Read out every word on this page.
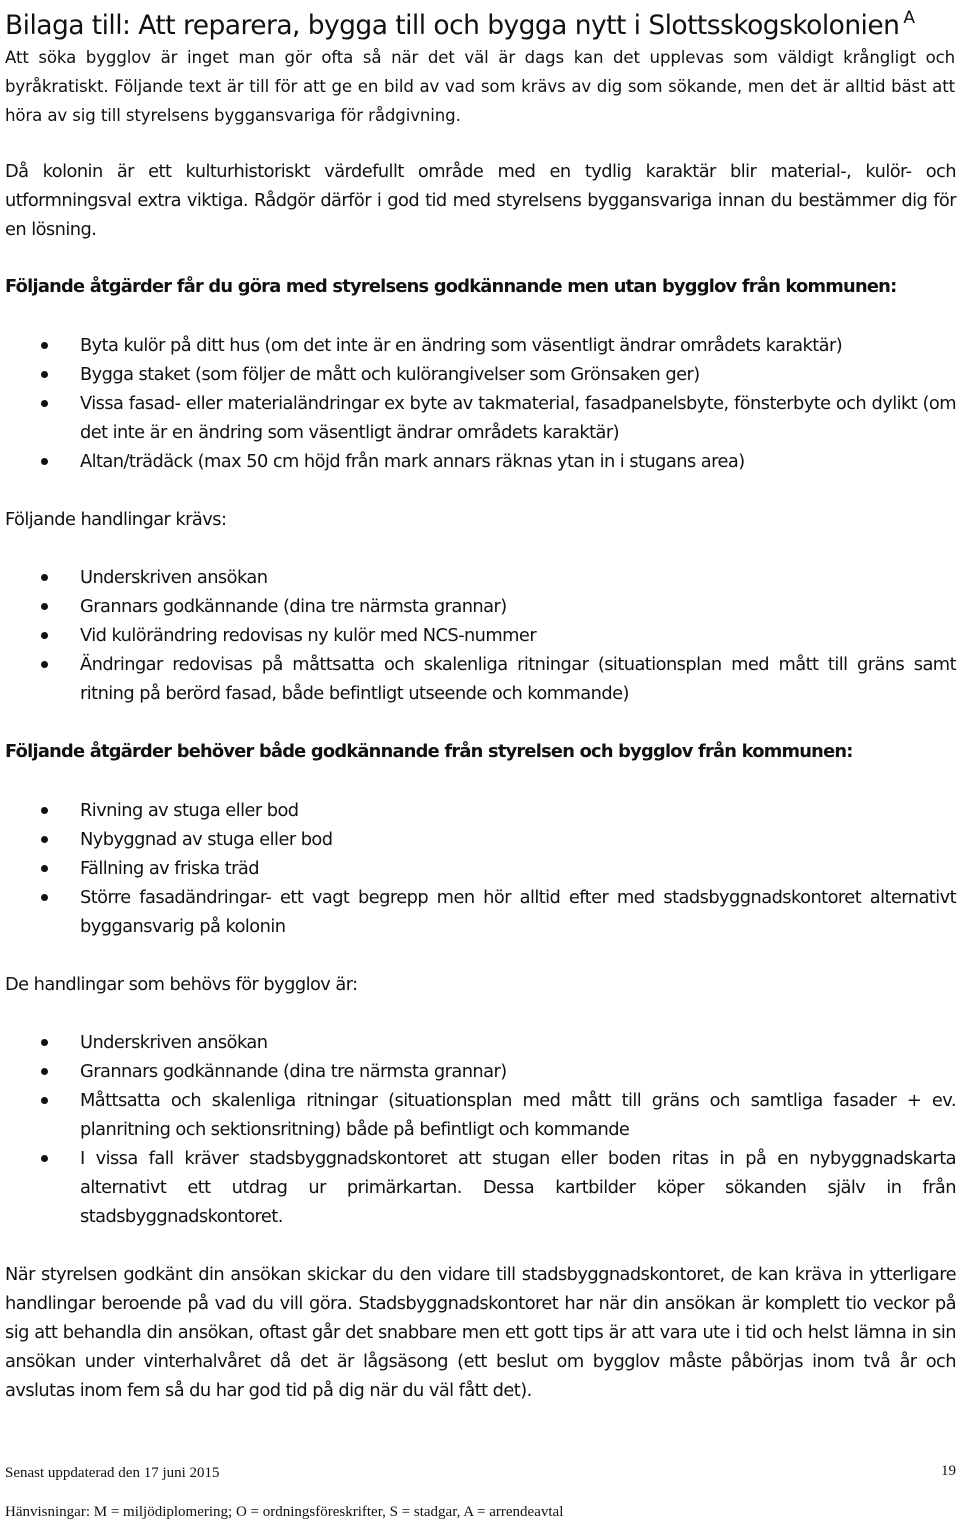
Bilaga till: Att reparera, bygga till och bygga nytt i Slottsskogskolonien $^A$

Att söka bygglov är inget man gör ofta så när det väl är dags kan det upplevas som väldigt krångligt och byråkratiskt. Följande text är till för att ge en bild av vad som krävs av dig som sökande, men det är alltid bäst att höra av sig till styrelsens byggansvariga för rådgivning.

Då kolonin är ett kulturhistoriskt värdefullt område med en tydlig karaktär blir material-, kulör- och utformningsval extra viktiga. Rådgör därför i god tid med styrelsens byggansvariga innan du bestämmer dig för en lösning.

Följande åtgärder får du göra med styrelsens godkännande men utan bygglov från kommunen:

Byta kulör på ditt hus (om det inte är en ändring som väsentligt ändrar områdets karaktär)
Bygga staket (som följer de mått och kulörangivelser som Grönsaken ger)
Vissa fasad- eller materialändringar ex byte av takmaterial, fasadpanelsbyte, fönsterbyte och dylikt (om det inte är en ändring som väsentligt ändrar områdets karaktär)
Altan/trädäck (max 50 cm höjd från mark annars räknas ytan in i stugans area)

Följande handlingar krävs:

Underskriven ansökan
Grannars godkännande (dina tre närmsta grannar)
Vid kulörändring redovisas ny kulör med NCS-nummer
Ändringar redovisas på måttsatta och skalenliga ritningar (situationsplan med mått till gräns samt ritning på berörd fasad, både befintligt utseende och kommande)

Följande åtgärder behöver både godkännande från styrelsen och bygglov från kommunen:

Rivning av stuga eller bod
Nybyggnad av stuga eller bod
Fällning av friska träd
Större fasadändringar- ett vagt begrepp men hör alltid efter med stadsbyggnadskontoret alternativt byggansvarig på kolonin

De handlingar som behövs för bygglov är:

Underskriven ansökan
Grannars godkännande (dina tre närmsta grannar)
Måttsatta och skalenliga ritningar (situationsplan med mått till gräns och samtliga fasader + ev. planritning och sektionsritning) både på befintligt och kommande
I vissa fall kräver stadsbyggnadskontoret att stugan eller boden ritas in på en nybyggnadskarta alternativt ett utdrag ur primärkartan. Dessa kartbilder köper sökanden själv in från stadsbyggnadskontoret.

När styrelsen godkänt din ansökan skickar du den vidare till stadsbyggnadskontoret, de kan kräva in ytterligare handlingar beroende på vad du vill göra. Stadsbyggnadskontoret har när din ansökan är komplett tio veckor på sig att behandla din ansökan, oftast går det snabbare men ett gott tips är att vara ute i tid och helst lämna in sin ansökan under vinterhalvåret då det är lågsäsong (ett beslut om bygglov måste påbörjas inom två år och avslutas inom fem så du har god tid på dig när du väl fått det).

Senast uppdaterad den 17 juni 2015	19
Hänvisningar: M = miljödiplomering; O = ordningsföreskrifter, S = stadgar, A = arrendeavtal
